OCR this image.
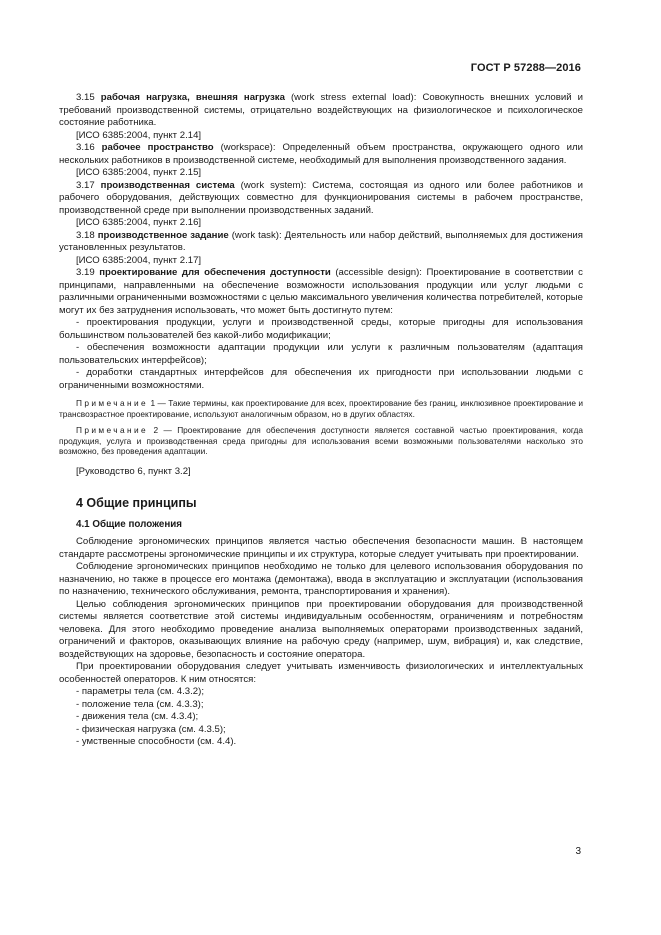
ГОСТ Р 57288—2016

3.15 рабочая нагрузка, внешняя нагрузка (work stress external load): Совокупность внешних условий и требований производственной системы, отрицательно воздействующих на физиологическое и психологическое состояние работника.

[ИСО 6385:2004, пункт 2.14]

3.16 рабочее пространство (workspace): Определенный объем пространства, окружающего одного или нескольких работников в производственной системе, необходимый для выполнения производственного задания.

[ИСО 6385:2004, пункт 2.15]

3.17 производственная система (work system): Система, состоящая из одного или более работников и рабочего оборудования, действующих совместно для функционирования системы в рабочем пространстве, производственной среде при выполнении производственных заданий.

[ИСО 6385:2004, пункт 2.16]

3.18 производственное задание (work task): Деятельность или набор действий, выполняемых для достижения установленных результатов.

[ИСО 6385:2004, пункт 2.17]

3.19 проектирование для обеспечения доступности (accessible design): Проектирование в соответствии с принципами, направленными на обеспечение возможности использования продукции или услуг людьми с различными ограниченными возможностями с целью максимального увеличения количества потребителей, которые могут их без затруднения использовать, что может быть достигнуто путем:

- проектирования продукции, услуги и производственной среды, которые пригодны для использования большинством пользователей без какой-либо модификации;

- обеспечения возможности адаптации продукции или услуги к различным пользователям (адаптация пользовательских интерфейсов);

- доработки стандартных интерфейсов для обеспечения их пригодности при использовании людьми с ограниченными возможностями.

Примечание 1 — Такие термины, как проектирование для всех, проектирование без границ, инклюзивное проектирование и трансвозрастное проектирование, используют аналогичным образом, но в других областях.

Примечание 2 — Проектирование для обеспечения доступности является составной частью проектирования, когда продукция, услуга и производственная среда пригодны для использования всеми возможными пользователями насколько это возможно, без проведения адаптации.

[Руководство 6, пункт 3.2]

4 Общие принципы
4.1 Общие положения

Соблюдение эргономических принципов является частью обеспечения безопасности машин. В настоящем стандарте рассмотрены эргономические принципы и их структура, которые следует учитывать при проектировании.

Соблюдение эргономических принципов необходимо не только для целевого использования оборудования по назначению, но также в процессе его монтажа (демонтажа), ввода в эксплуатацию и эксплуатации (использования по назначению, технического обслуживания, ремонта, транспортирования и хранения).

Целью соблюдения эргономических принципов при проектировании оборудования для производственной системы является соответствие этой системы индивидуальным особенностям, ограничениям и потребностям человека. Для этого необходимо проведение анализа выполняемых операторами производственных заданий, ограничений и факторов, оказывающих влияние на рабочую среду (например, шум, вибрация) и, как следствие, воздействующих на здоровье, безопасность и состояние оператора.

При проектировании оборудования следует учитывать изменчивость физиологических и интеллектуальных особенностей операторов. К ним относятся:

- параметры тела (см. 4.3.2);

- положение тела (см. 4.3.3);

- движения тела (см. 4.3.4);

- физическая нагрузка (см. 4.3.5);

- умственные способности (см. 4.4).

3
